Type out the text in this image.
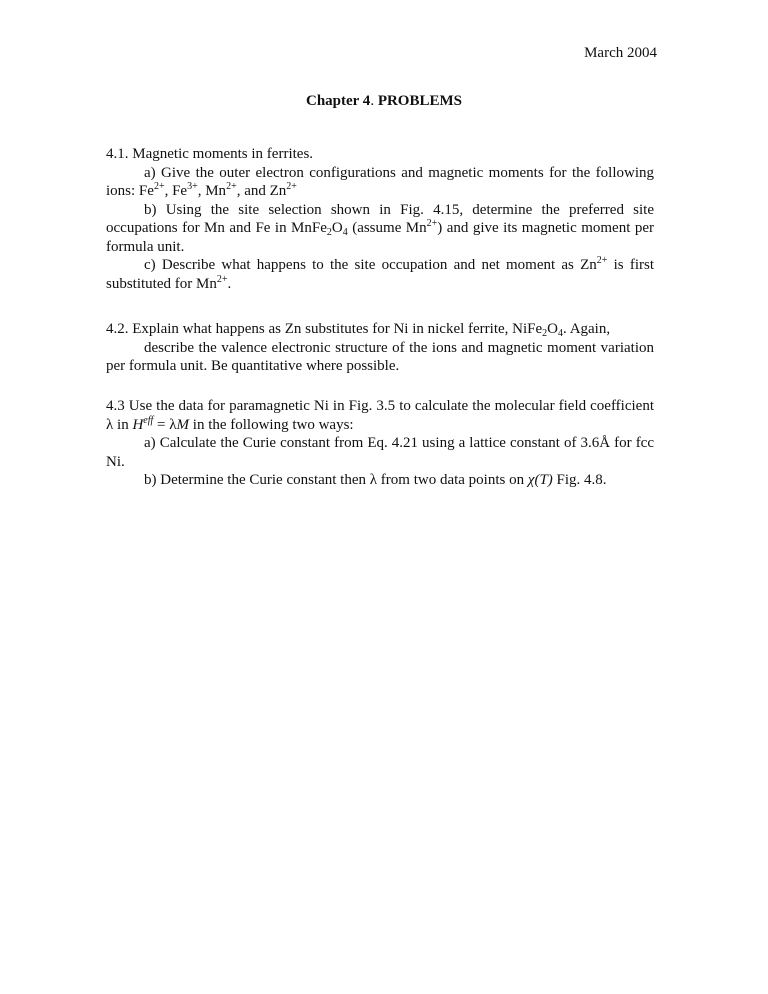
March 2004
Chapter 4. PROBLEMS

4.1. Magnetic moments in ferrites.

a) Give the outer electron configurations and magnetic moments for the following ions: $Fe^{2+}$, $Fe^{3+}$, $Mn^{2+}$, and $Zn^{2+}$

b) Using the site selection shown in Fig. 4.15, determine the preferred site occupations for Mn and Fe in $MnFe_2O_4$ (assume $Mn^{2+}$) and give its magnetic moment per formula unit.

c) Describe what happens to the site occupation and net moment as $Zn^{2+}$ is first substituted for $Mn^{2+}$.

4.2. Explain what happens as Zn substitutes for Ni in nickel ferrite, $NiFe_2O_4$. Again,

describe the valence electronic structure of the ions and magnetic moment variation per formula unit. Be quantitative where possible.

4.3 Use the data for paramagnetic Ni in Fig. 3.5 to calculate the molecular field coefficient λ in $H^{eff} = \lambda M$ in the following two ways:

a) Calculate the Curie constant from Eq. 4.21 using a lattice constant of 3.6Å for fcc Ni.

b) Determine the Curie constant then λ from two data points on χ(T) Fig. 4.8.
